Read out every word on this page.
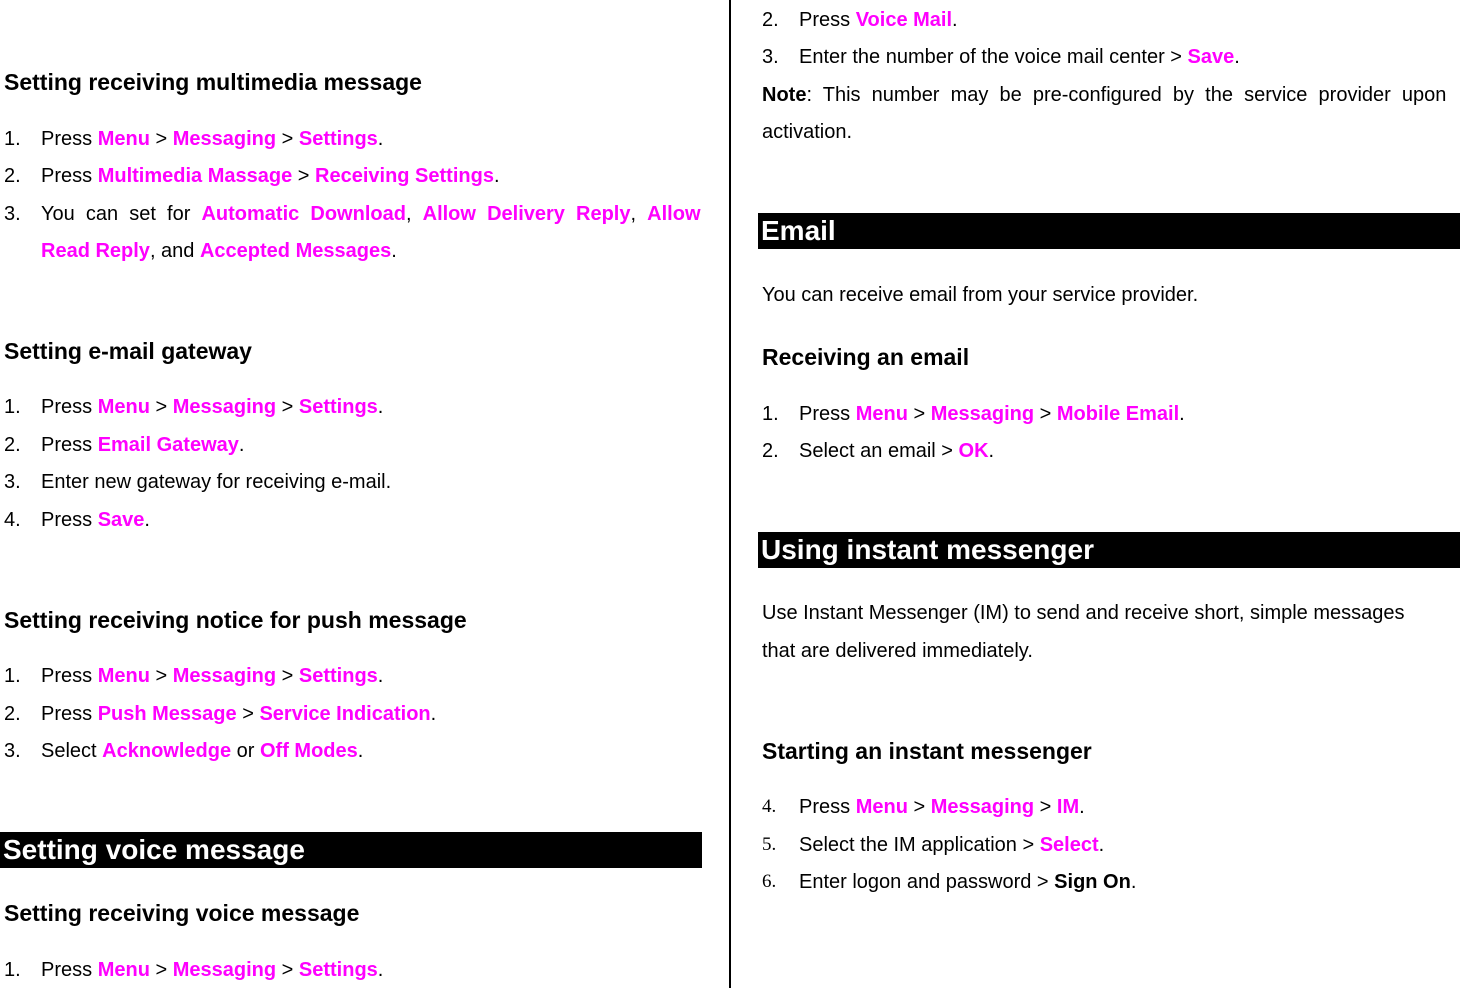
Setting receiving multimedia message
1. Press Menu > Messaging > Settings.
2. Press Multimedia Massage > Receiving Settings.
3. You  can  set  for Automatic  Download, Allow  Delivery  Reply, Allow
Read Reply, and Accepted Messages.
Setting e-mail gateway
1. Press Menu > Messaging > Settings.
2. Press Email Gateway.
3. Enter new gateway for receiving e-mail.
4. Press Save.
Setting receiving notice for push message
1. Press Menu > Messaging > Settings.
2. Press Push Message > Service Indication.
3. Select Acknowledge or Off Modes.
Setting voice message
Setting receiving voice message
1. Press Menu > Messaging > Settings.
2. Press Voice Mail.
3. Enter the number of the voice mail center > Save.
Note:  This  number  may  be  pre-configured  by  the  service  provider  upon
activation.
Email
You can receive email from your service provider.
Receiving an email
1. Press Menu > Messaging > Mobile Email.
2. Select an email > OK.
Using instant messenger
Use Instant Messenger (IM) to send and receive short, simple messages
that are delivered immediately.
Starting an instant messenger
4. Press Menu > Messaging > IM.
5. Select the IM application > Select.
6. Enter logon and password > Sign On.
